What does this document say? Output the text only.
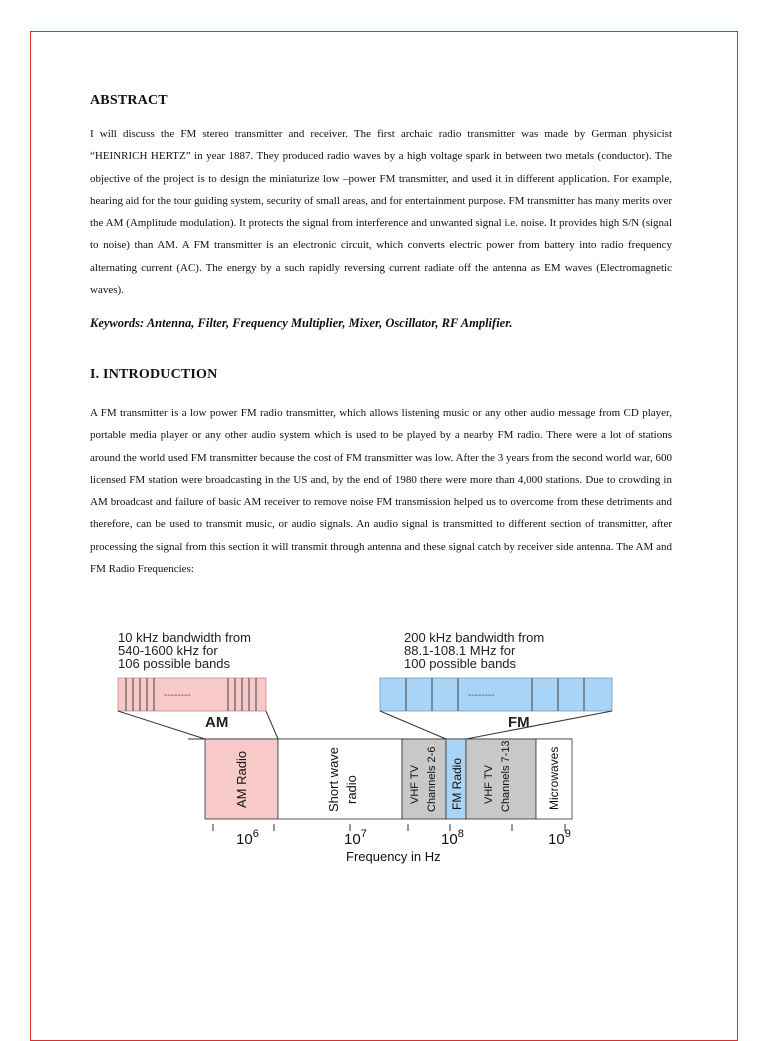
ABSTRACT

I will discuss the FM stereo transmitter and receiver. The first archaic radio transmitter was made by German physicist “HEINRICH HERTZ” in year 1887. They produced radio waves by a high voltage spark in between two metals (conductor). The objective of the project is to design the miniaturize low –power FM transmitter, and used it in different application. For example, hearing aid for the tour guiding system, security of small areas, and for entertainment purpose. FM transmitter has many merits over the AM (Amplitude modulation). It protects the signal from interference and unwanted signal i.e. noise. It provides high S/N (signal to noise) than AM. A FM transmitter is an electronic circuit, which converts electric power from battery into radio frequency alternating current (AC). The energy by a such rapidly reversing current radiate off the antenna as EM waves (Electromagnetic waves).

Keywords: Antenna, Filter, Frequency Multiplier, Mixer, Oscillator, RF Amplifier.

I. INTRODUCTION

A FM transmitter is a low power FM radio transmitter, which allows listening music or any other audio message from CD player, portable media player or any other audio system which is used to be played by a nearby FM radio. There were a lot of stations around the world used FM transmitter because the cost of FM transmitter was low. After the 3 years from the second world war, 600 licensed FM station were broadcasting in the US and, by the end of 1980 there were more than 4,000 stations. Due to crowding in AM broadcast and failure of basic AM receiver to remove noise FM transmission helped us to overcome from these detriments and therefore, can be used to transmit music, or audio signals. An audio signal is transmitted to different section of transmitter, after processing the signal from this section it will transmit through antenna and these signal catch by receiver side antenna. The AM and FM Radio Frequencies:

10 kHz bandwidth from
540-1600 kHz for
106 possible bands
200 kHz bandwidth from
88.1-108.1 MHz for
100 possible bands
--------	--------
AM	FM
AM Radio	Short wave radio	VHF TV Channels 2-6 FM Radio VHF TV Channels 7-13	Microwaves
$10^6$	$10^7$	$10^8$	$10^9$
Frequency in Hz
